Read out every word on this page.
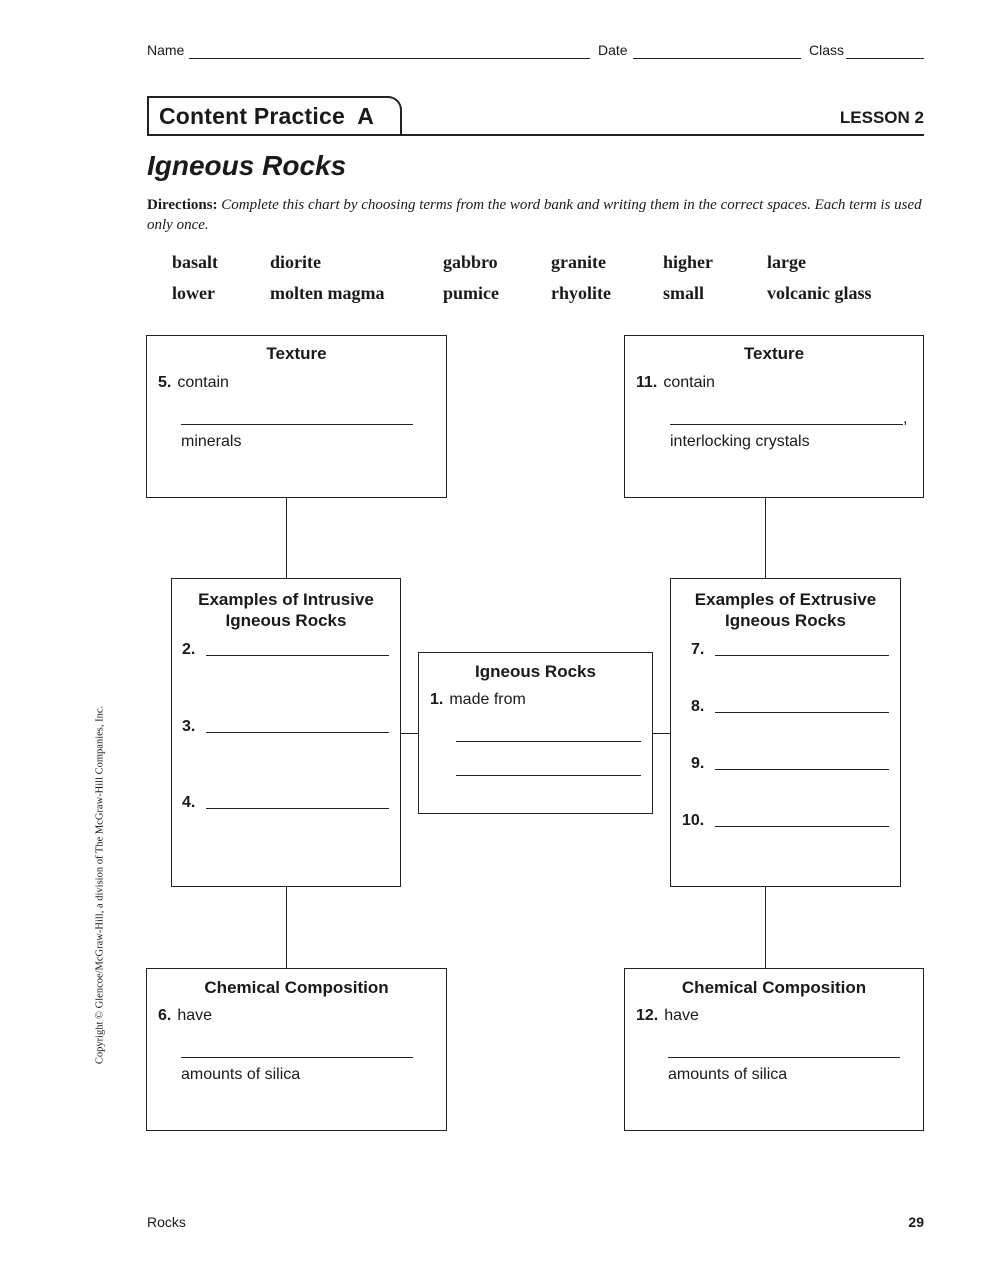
Name	Date	Class
Content Practice  A	LESSON 2
Igneous Rocks
Directions: Complete this chart by choosing terms from the word bank and writing them in the correct spaces. Each term is used only once.
basalt	diorite	gabbro	granite	higher	large
lower	molten magma	pumice	rhyolite	small	volcanic glass
Texture
5. contain
minerals
Texture
11. contain
,
interlocking crystals
Examples of Intrusive
Igneous Rocks
2.
3.
4.
Igneous Rocks
1. made from
Examples of Extrusive
Igneous Rocks
7.
8.
9.
10.
Chemical Composition
6. have
amounts of silica
Chemical Composition
12. have
amounts of silica
Copyright © Glencoe/McGraw-Hill, a division of The McGraw-Hill Companies, Inc.
Rocks	29
